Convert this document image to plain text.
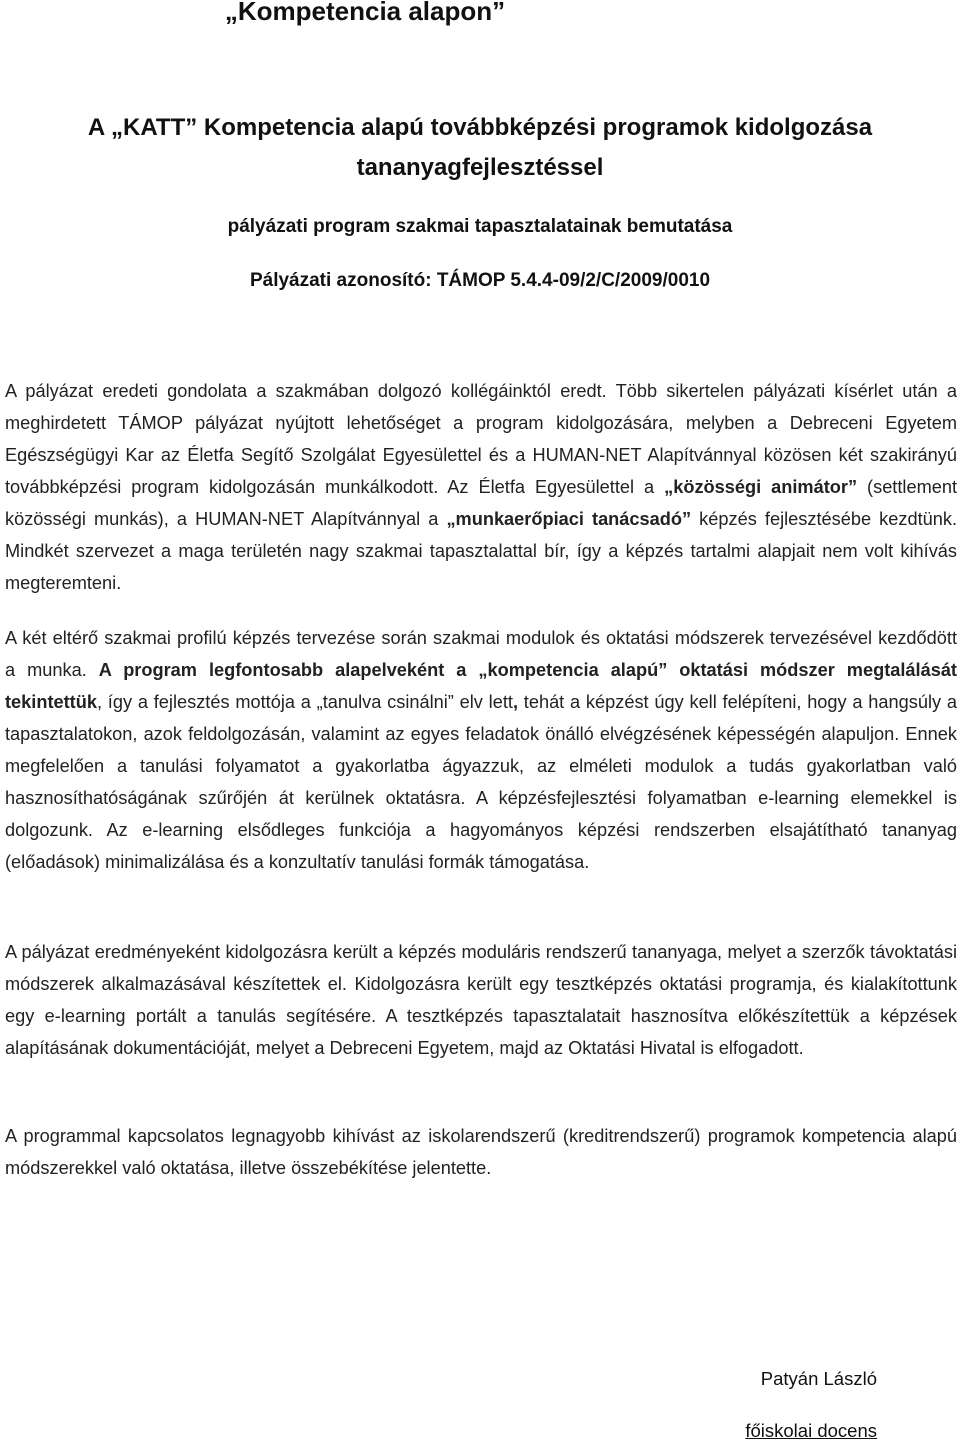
„Kompetencia alapon”
A „KATT” Kompetencia alapú továbbképzési programok kidolgozása
tananyagfejlesztéssel
pályázati program szakmai tapasztalatainak bemutatása
Pályázati azonosító: TÁMOP 5.4.4-09/2/C/2009/0010

A pályázat eredeti gondolata a szakmában dolgozó kollégáinktól eredt. Több sikertelen pályázati kísérlet után a meghirdetett TÁMOP pályázat nyújtott lehetőséget a program kidolgozására, melyben a Debreceni Egyetem Egészségügyi Kar az Életfa Segítő Szolgálat Egyesülettel és a HUMAN-NET Alapítvánnyal közösen két szakirányú továbbképzési program kidolgozásán munkálkodott. Az Életfa Egyesülettel a „közösségi animátor” (settlement közösségi munkás), a HUMAN-NET Alapítvánnyal a „munkaerőpiaci tanácsadó” képzés fejlesztésébe kezdtünk. Mindkét szervezet a maga területén nagy szakmai tapasztalattal bír, így a képzés tartalmi alapjait nem volt kihívás megteremteni.

A két eltérő szakmai profilú képzés tervezése során szakmai modulok és oktatási módszerek tervezésével kezdődött a munka. A program legfontosabb alapelveként a „kompetencia alapú” oktatási módszer megtalálását tekintettük, így a fejlesztés mottója a „tanulva csinálni” elv lett, tehát a képzést úgy kell felépíteni, hogy a hangsúly a tapasztalatokon, azok feldolgozásán, valamint az egyes feladatok önálló elvégzésének képességén alapuljon. Ennek megfelelően a tanulási folyamatot a gyakorlatba ágyazzuk, az elméleti modulok a tudás gyakorlatban való hasznosíthatóságának szűrőjén át kerülnek oktatásra. A képzésfejlesztési folyamatban e-learning elemekkel is dolgozunk. Az e-learning elsődleges funkciója a hagyományos képzési rendszerben elsajátítható tananyag (előadások) minimalizálása és a konzultatív tanulási formák támogatása.

A pályázat eredményeként kidolgozásra került a képzés moduláris rendszerű tananyaga, melyet a szerzők távoktatási módszerek alkalmazásával készítettek el. Kidolgozásra került egy tesztképzés oktatási programja, és kialakítottunk egy e-learning portált a tanulás segítésére. A tesztképzés tapasztalatait hasznosítva előkészítettük a képzések alapításának dokumentációját, melyet a Debreceni Egyetem, majd az Oktatási Hivatal is elfogadott.

A programmal kapcsolatos legnagyobb kihívást az iskolarendszerű (kreditrendszerű) programok kompetencia alapú módszerekkel való oktatása, illetve összebékítése jelentette.

Patyán László

főiskolai docens
